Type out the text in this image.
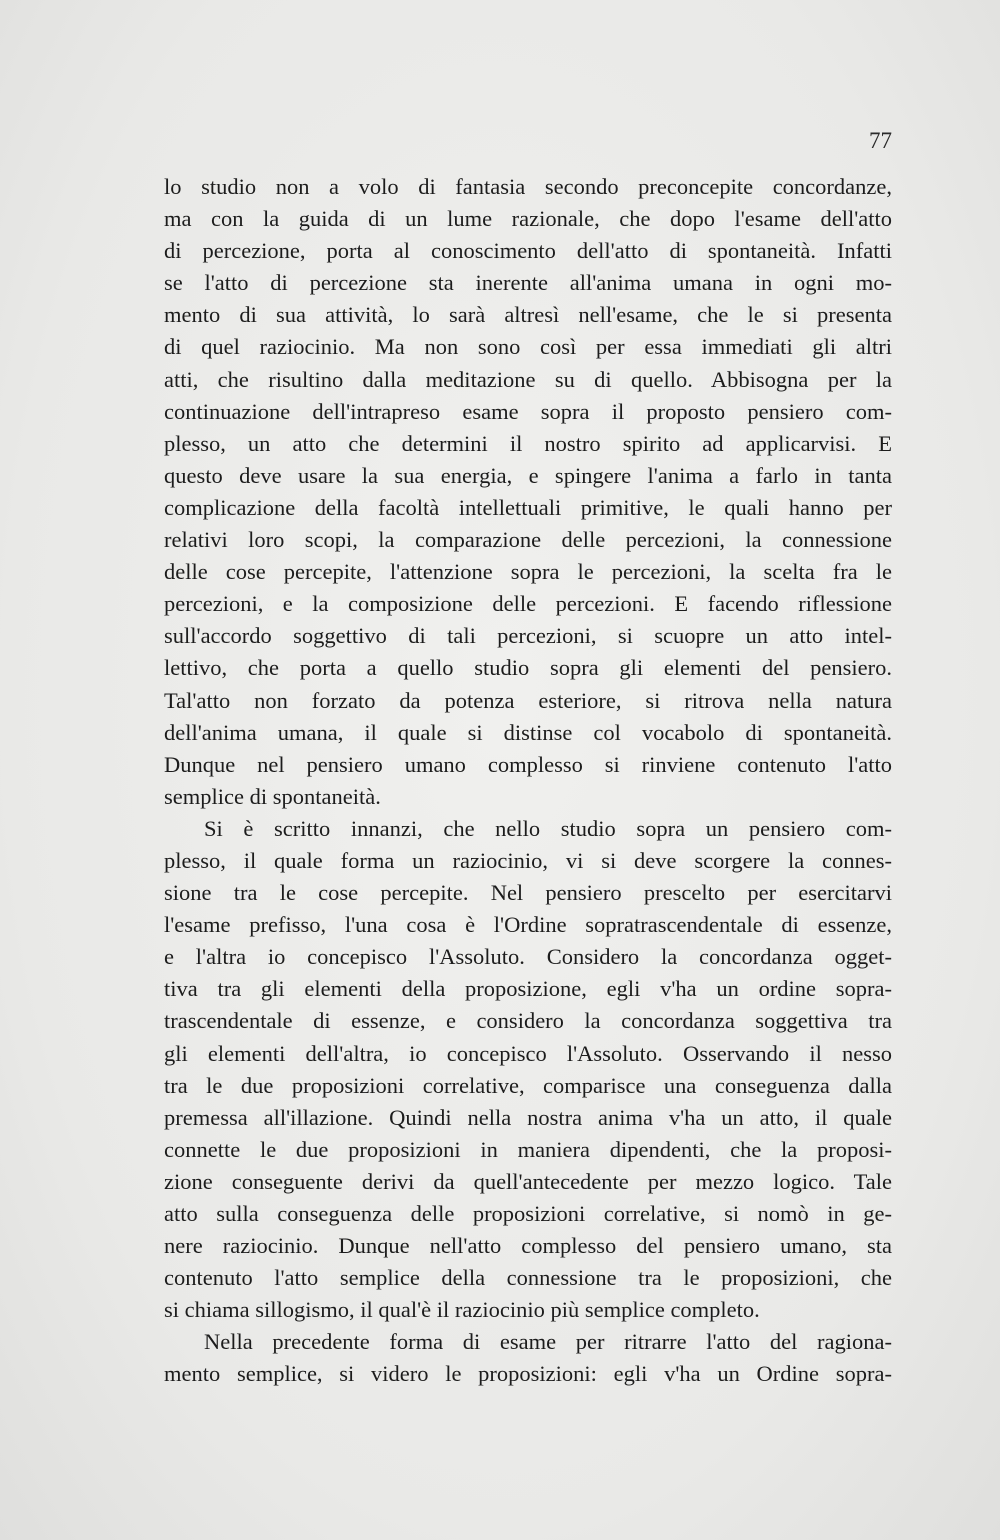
77
lo studio non a volo di fantasia secondo preconcepite concordanze,
ma con la guida di un lume razionale, che dopo l'esame dell'atto
di percezione, porta al conoscimento dell'atto di spontaneità. Infatti
se l'atto di percezione sta inerente all'anima umana in ogni mo-
mento di sua attività, lo sarà altresì nell'esame, che le si presenta
di quel raziocinio. Ma non sono così per essa immediati gli altri
atti, che risultino dalla meditazione su di quello. Abbisogna per la
continuazione dell'intrapreso esame sopra il proposto pensiero com-
plesso, un atto che determini il nostro spirito ad applicarvisi. E
questo deve usare la sua energia, e spingere l'anima a farlo in tanta
complicazione della facoltà intellettuali primitive, le quali hanno per
relativi loro scopi, la comparazione delle percezioni, la connessione
delle cose percepite, l'attenzione sopra le percezioni, la scelta fra le
percezioni, e la composizione delle percezioni. E facendo riflessione
sull'accordo soggettivo di tali percezioni, si scuopre un atto intel-
lettivo, che porta a quello studio sopra gli elementi del pensiero.
Tal'atto non forzato da potenza esteriore, si ritrova nella natura
dell'anima umana, il quale si distinse col vocabolo di spontaneità.
Dunque nel pensiero umano complesso si rinviene contenuto l'atto
semplice di spontaneità.
Si è scritto innanzi, che nello studio sopra un pensiero com-
plesso, il quale forma un raziocinio, vi si deve scorgere la connes-
sione tra le cose percepite. Nel pensiero prescelto per esercitarvi
l'esame prefisso, l'una cosa è l'Ordine sopratrascendentale di essenze,
e l'altra io concepisco l'Assoluto. Considero la concordanza ogget-
tiva tra gli elementi della proposizione, egli v'ha un ordine sopra-
trascendentale di essenze, e considero la concordanza soggettiva tra
gli elementi dell'altra, io concepisco l'Assoluto. Osservando il nesso
tra le due proposizioni correlative, comparisce una conseguenza dalla
premessa all'illazione. Quindi nella nostra anima v'ha un atto, il quale
connette le due proposizioni in maniera dipendenti, che la proposi-
zione conseguente derivi da quell'antecedente per mezzo logico. Tale
atto sulla conseguenza delle proposizioni correlative, si nomò in ge-
nere raziocinio. Dunque nell'atto complesso del pensiero umano, sta
contenuto l'atto semplice della connessione tra le proposizioni, che
si chiama sillogismo, il qual'è il raziocinio più semplice completo.
Nella precedente forma di esame per ritrarre l'atto del ragiona-
mento semplice, si videro le proposizioni: egli v'ha un Ordine sopra-
